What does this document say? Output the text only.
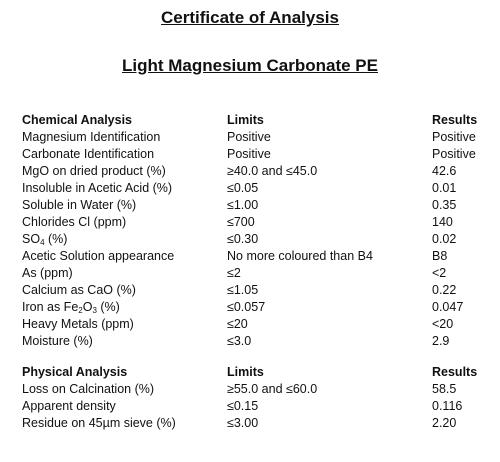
Certificate of Analysis
Light Magnesium Carbonate PE
Chemical Analysis	Limits	Results
Magnesium Identification	Positive	Positive
Carbonate Identification	Positive	Positive
MgO on dried product (%)	≥40.0 and ≤45.0	42.6
Insoluble in Acetic Acid (%)	≤0.05	0.01
Soluble in Water (%)	≤1.00	0.35
Chlorides Cl (ppm)	≤700	140
$SO_4$ (%)	≤0.30	0.02
Acetic Solution appearance	No more coloured than B4	B8
As (ppm)	≤2	<2
Calcium as CaO (%)	≤1.05	0.22
Iron as $Fe_2O_3$ (%)	≤0.057	0.047
Heavy Metals (ppm)	≤20	<20
Moisture (%)	≤3.0	2.9
Physical Analysis	Limits	Results
Loss on Calcination (%)	≥55.0 and ≤60.0	58.5
Apparent density	≤0.15	0.116
Residue on 45µm sieve (%)	≤3.00	2.20
